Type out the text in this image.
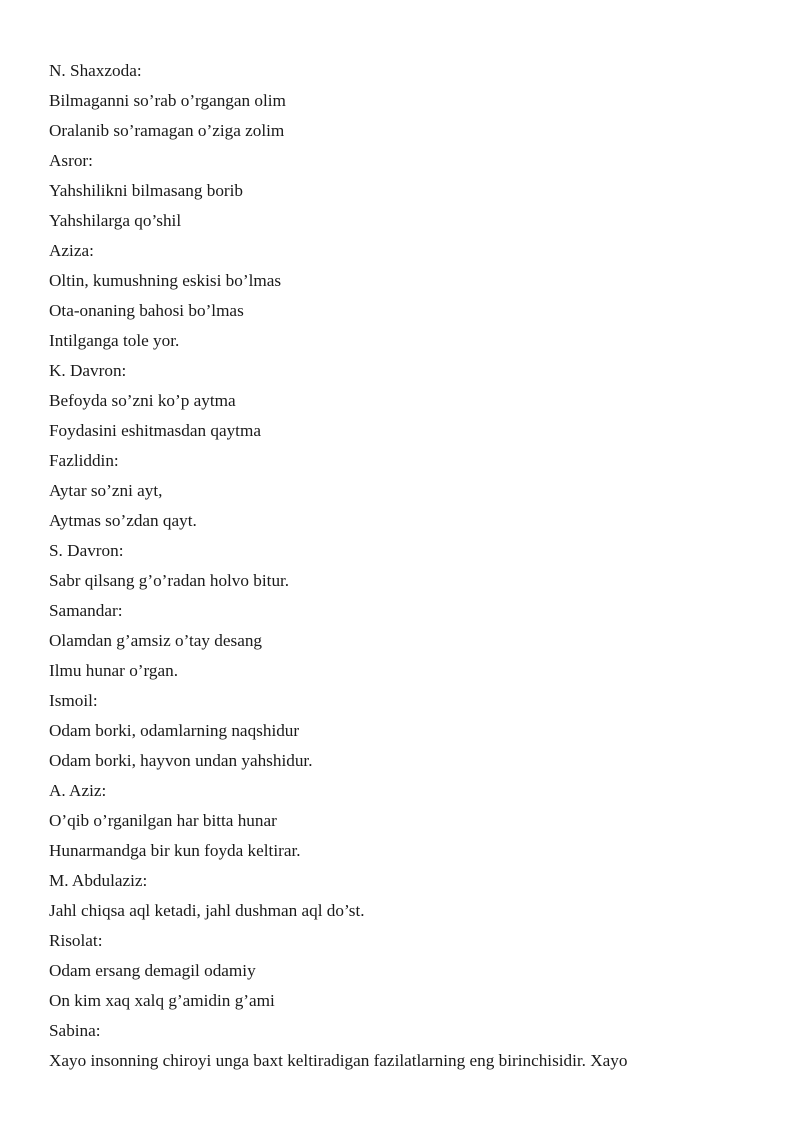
N. Shaxzoda:
Bilmaganni so’rab o’rgangan olim
Oralanib so’ramagan o’ziga zolim
Asror:
Yahshilikni bilmasang borib
Yahshilarga qo’shil
Aziza:
Oltin, kumushning eskisi bo’lmas
Ota-onaning bahosi bo’lmas
Intilganga tole yor.
K. Davron:
Befoyda so’zni ko’p aytma
Foydasini eshitmasdan qaytma
Fazliddin:
Aytar so’zni ayt,
Aytmas so’zdan qayt.
S. Davron:
Sabr qilsang g’o’radan holvo bitur.
Samandar:
Olamdan g’amsiz o’tay desang
Ilmu hunar o’rgan.
Ismoil:
Odam borki, odamlarning naqshidur
Odam borki, hayvon undan yahshidur.
A. Aziz:
O’qib o’rganilgan har bitta hunar
Hunarmandga bir kun foyda keltirar.
M. Abdulaziz:
Jahl chiqsa aql ketadi, jahl dushman aql do’st.
Risolat:
Odam ersang demagil odamiy
On kim xaq xalq g’amidin g’ami
Sabina:
Xayo insonning chiroyi unga baxt keltiradigan fazilatlarning eng birinchisidir. Xayo
